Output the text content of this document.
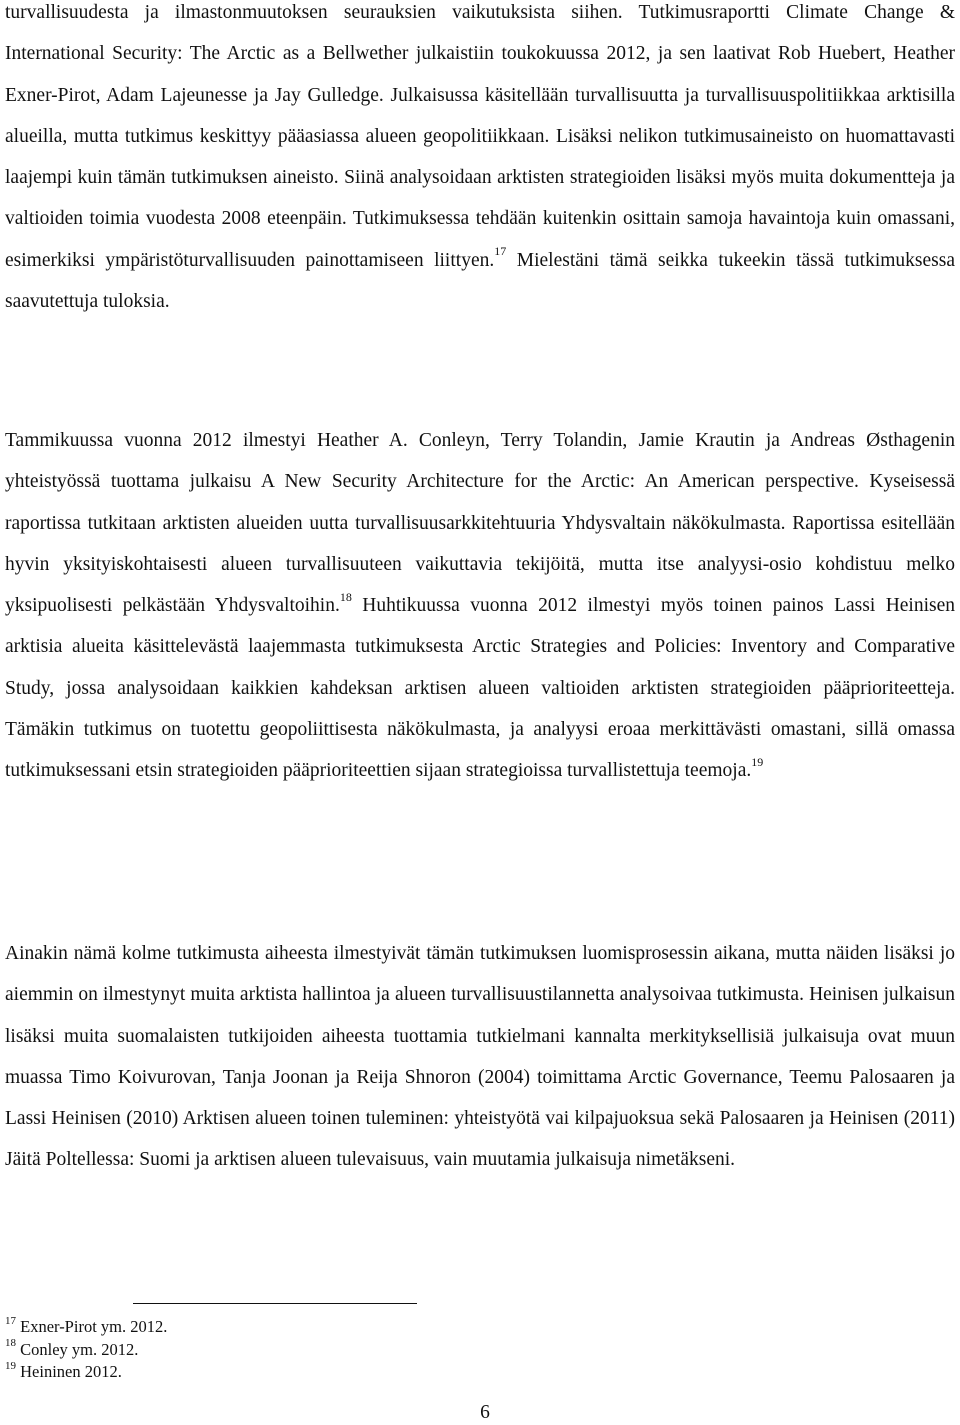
turvallisuudesta ja ilmastonmuutoksen seurauksien vaikutuksista siihen. Tutkimusraportti Climate Change & International Security: The Arctic as a Bellwether julkaistiin toukokuussa 2012, ja sen laativat Rob Huebert, Heather Exner-Pirot, Adam Lajeunesse ja Jay Gulledge. Julkaisussa käsitellään turvallisuutta ja turvallisuuspolitiikkaa arktisilla alueilla, mutta tutkimus keskittyy pääasiassa alueen geopolitiikkaan. Lisäksi nelikon tutkimusaineisto on huomattavasti laajempi kuin tämän tutkimuksen aineisto. Siinä analysoidaan arktisten strategioiden lisäksi myös muita dokumentteja ja valtioiden toimia vuodesta 2008 eteenpäin. Tutkimuksessa tehdään kuitenkin osittain samoja havaintoja kuin omassani, esimerkiksi ympäristöturvallisuuden painottamiseen liittyen.$^{17}$ Mielestäni tämä seikka tukeekin tässä tutkimuksessa saavutettuja tuloksia.

Tammikuussa vuonna 2012 ilmestyi Heather A. Conleyn, Terry Tolandin, Jamie Krautin ja Andreas Østhagenin yhteistyössä tuottama julkaisu A New Security Architecture for the Arctic: An American perspective. Kyseisessä raportissa tutkitaan arktisten alueiden uutta turvallisuusarkkitehtuuria Yhdysvaltain näkökulmasta. Raportissa esitellään hyvin yksityiskohtaisesti alueen turvallisuuteen vaikuttavia tekijöitä, mutta itse analyysi-osio kohdistuu melko yksipuolisesti pelkästään Yhdysvaltoihin.$^{18}$ Huhtikuussa vuonna 2012 ilmestyi myös toinen painos Lassi Heinisen arktisia alueita käsittelevästä laajemmasta tutkimuksesta Arctic Strategies and Policies: Inventory and Comparative Study, jossa analysoidaan kaikkien kahdeksan arktisen alueen valtioiden arktisten strategioiden pääprioriteetteja. Tämäkin tutkimus on tuotettu geopoliittisesta näkökulmasta, ja analyysi eroaa merkittävästi omastani, sillä omassa tutkimuksessani etsin strategioiden pääprioriteettien sijaan strategioissa turvallistettuja teemoja.$^{19}$

Ainakin nämä kolme tutkimusta aiheesta ilmestyivät tämän tutkimuksen luomisprosessin aikana, mutta näiden lisäksi jo aiemmin on ilmestynyt muita arktista hallintoa ja alueen turvallisuustilannetta analysoivaa tutkimusta. Heinisen julkaisun lisäksi muita suomalaisten tutkijoiden aiheesta tuottamia tutkielmani kannalta merkityksellisiä julkaisuja ovat muun muassa Timo Koivurovan, Tanja Joonan ja Reija Shnoron (2004) toimittama Arctic Governance, Teemu Palosaaren ja Lassi Heinisen (2010) Arktisen alueen toinen tuleminen: yhteistyötä vai kilpajuoksua sekä Palosaaren ja Heinisen (2011) Jäitä Poltellessa: Suomi ja arktisen alueen tulevaisuus, vain muutamia julkaisuja nimetäkseni.

$^{17}$ Exner-Pirot ym. 2012.
$^{18}$ Conley ym. 2012.
$^{19}$ Heininen 2012.
6
